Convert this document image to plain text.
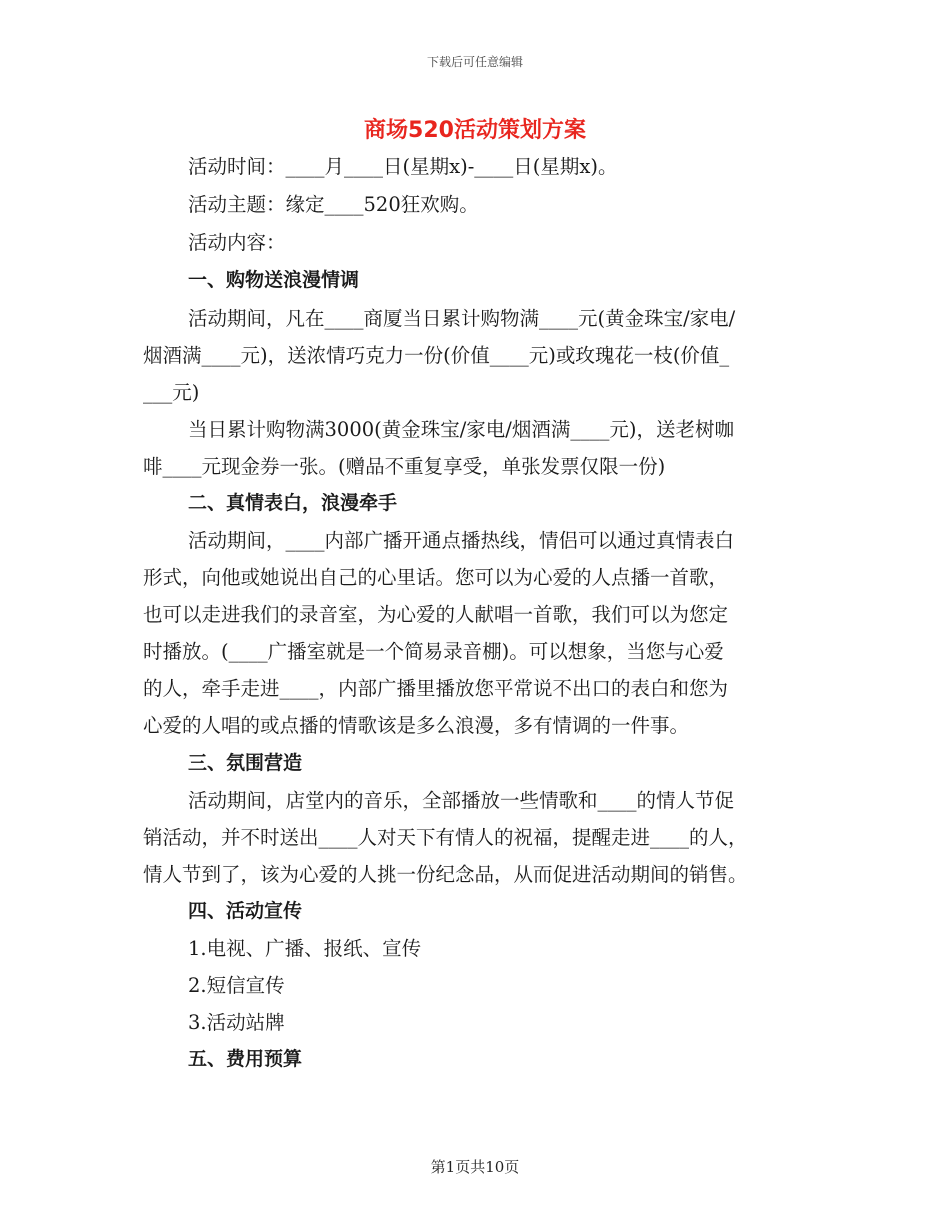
下载后可任意编辑
商场520活动策划方案
活动时间：____月____日(星期x)-____日(星期x)。
活动主题：缘定____520狂欢购。
活动内容：
一、购物送浪漫情调
活动期间，凡在____商厦当日累计购物满____元(黄金珠宝/家电/
烟酒满____元)，送浓情巧克力一份(价值____元)或玫瑰花一枝(价值_
___元)
当日累计购物满3000(黄金珠宝/家电/烟酒满____元)，送老树咖
啡____元现金券一张。(赠品不重复享受，单张发票仅限一份)
二、真情表白，浪漫牵手
活动期间，____内部广播开通点播热线，情侣可以通过真情表白
形式，向他或她说出自己的心里话。您可以为心爱的人点播一首歌，
也可以走进我们的录音室，为心爱的人献唱一首歌，我们可以为您定
时播放。(____广播室就是一个简易录音棚)。可以想象，当您与心爱
的人，牵手走进____，内部广播里播放您平常说不出口的表白和您为
心爱的人唱的或点播的情歌该是多么浪漫，多有情调的一件事。
三、氛围营造
活动期间，店堂内的音乐，全部播放一些情歌和____的情人节促
销活动，并不时送出____人对天下有情人的祝福，提醒走进____的人，
情人节到了，该为心爱的人挑一份纪念品，从而促进活动期间的销售。
四、活动宣传
1.电视、广播、报纸、宣传
2.短信宣传
3.活动站牌
五、费用预算
第1页共10页
